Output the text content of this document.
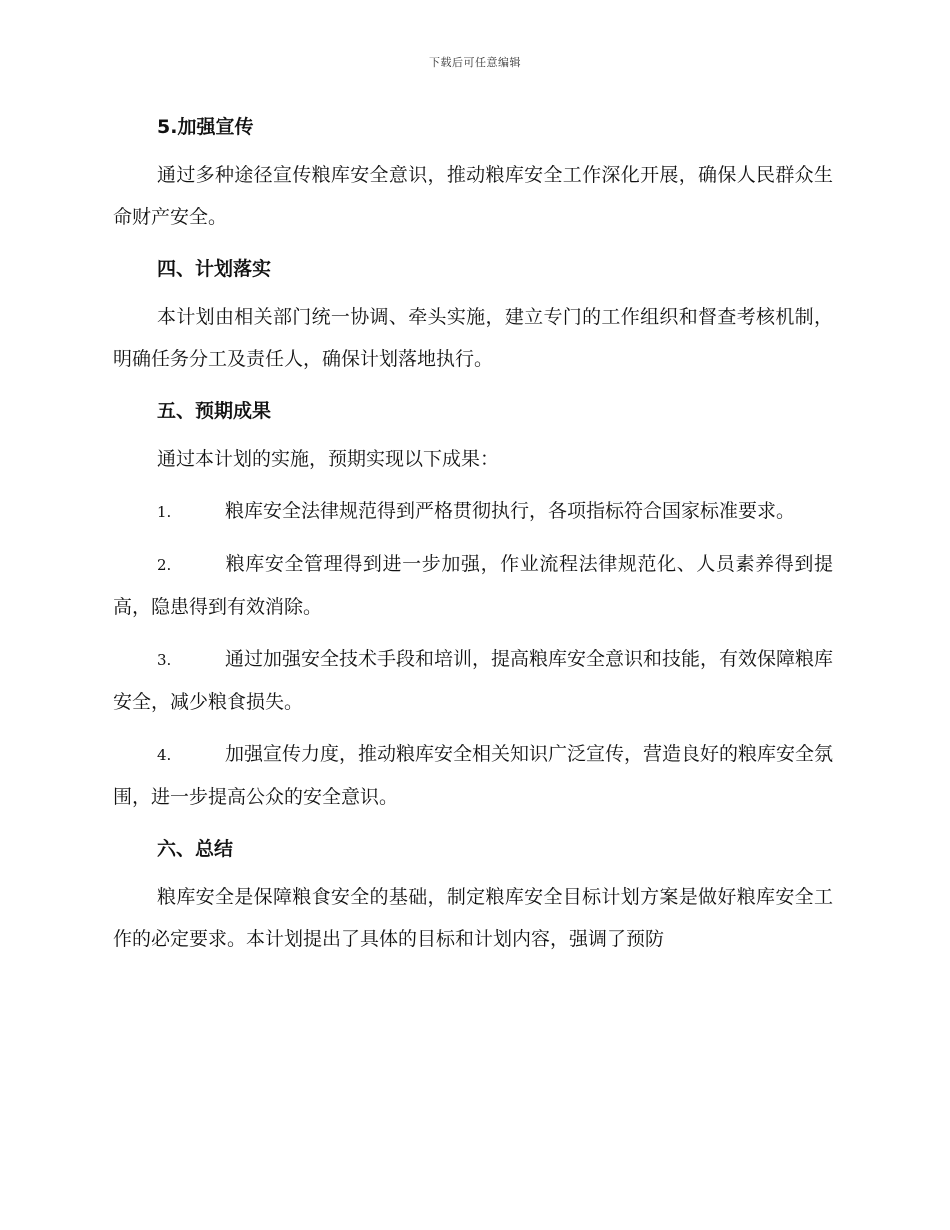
下载后可任意编辑
5.加强宣传

通过多种途径宣传粮库安全意识，推动粮库安全工作深化开展，确保人民群众生命财产安全。

四、计划落实

本计划由相关部门统一协调、牵头实施，建立专门的工作组织和督查考核机制，明确任务分工及责任人，确保计划落地执行。

五、预期成果

通过本计划的实施，预期实现以下成果：

1.	粮库安全法律规范得到严格贯彻执行，各项指标符合国家标准要求。

2.	粮库安全管理得到进一步加强，作业流程法律规范化、人员素养得到提高，隐患得到有效消除。

3.	通过加强安全技术手段和培训，提高粮库安全意识和技能，有效保障粮库安全，减少粮食损失。

4.	加强宣传力度，推动粮库安全相关知识广泛宣传，营造良好的粮库安全氛围，进一步提高公众的安全意识。

六、总结

粮库安全是保障粮食安全的基础，制定粮库安全目标计划方案是做好粮库安全工作的必定要求。本计划提出了具体的目标和计划内容，强调了预防
